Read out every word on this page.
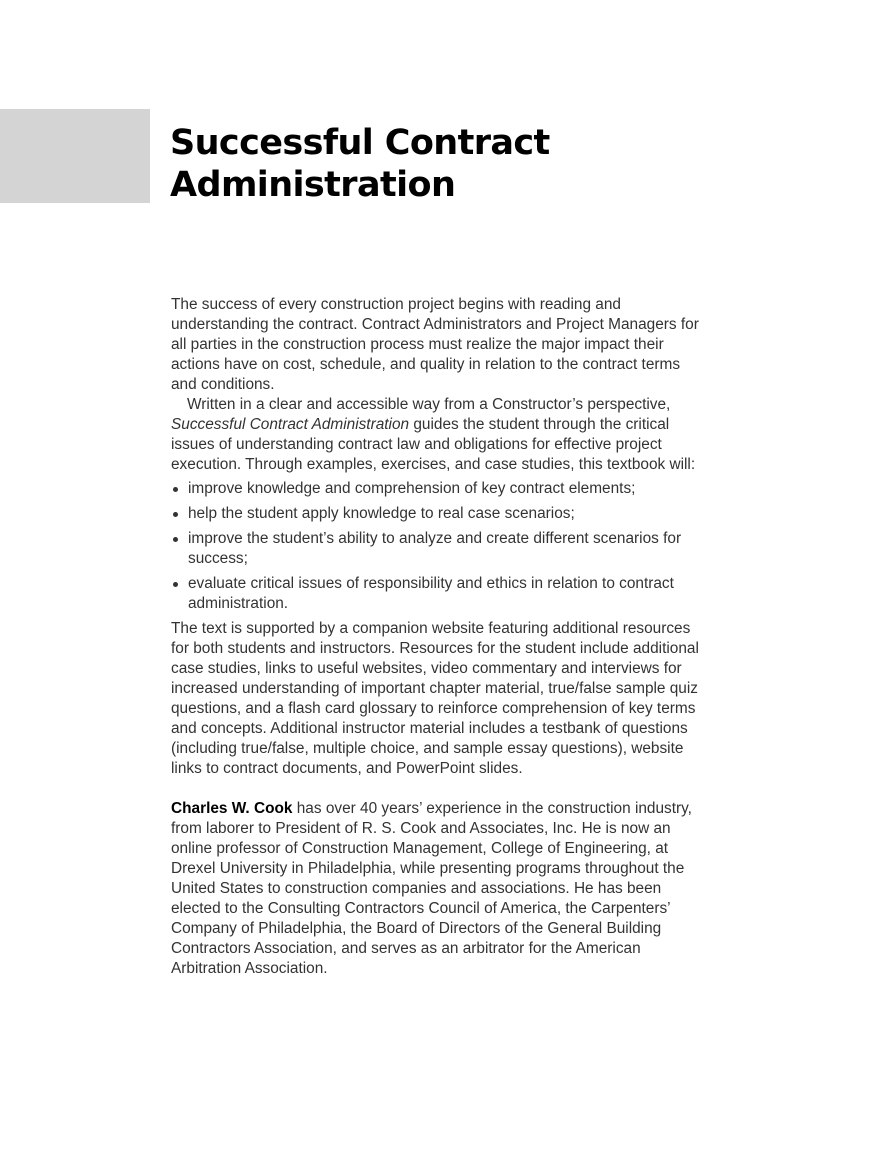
Successful Contract
Administration

The success of every construction project begins with reading and understanding the contract. Contract Administrators and Project Managers for all parties in the construction process must realize the major impact their actions have on cost, schedule, and quality in relation to the contract terms and conditions.

Written in a clear and accessible way from a Constructor’s perspective,
Successful Contract Administration guides the student through the critical issues of understanding contract law and obligations for effective project execution. Through examples, exercises, and case studies, this textbook will:

improve knowledge and comprehension of key contract elements;
help the student apply knowledge to real case scenarios;
improve the student’s ability to analyze and create different scenarios for success;
evaluate critical issues of responsibility and ethics in relation to contract administration.

The text is supported by a companion website featuring additional resources for both students and instructors. Resources for the student include additional case studies, links to useful websites, video commentary and interviews for increased understanding of important chapter material, true/false sample quiz questions, and a flash card glossary to reinforce comprehension of key terms and concepts. Additional instructor material includes a testbank of questions (including true/false, multiple choice, and sample essay questions), website links to contract documents, and PowerPoint slides.

Charles W. Cook has over 40 years’ experience in the construction industry, from laborer to President of R. S. Cook and Associates, Inc. He is now an online professor of Construction Management, College of Engineering, at Drexel University in Philadelphia, while presenting programs throughout the United States to construction companies and associations. He has been elected to the Consulting Contractors Council of America, the Carpenters’ Company of Philadelphia, the Board of Directors of the General Building Contractors Association, and serves as an arbitrator for the American Arbitration Association.
